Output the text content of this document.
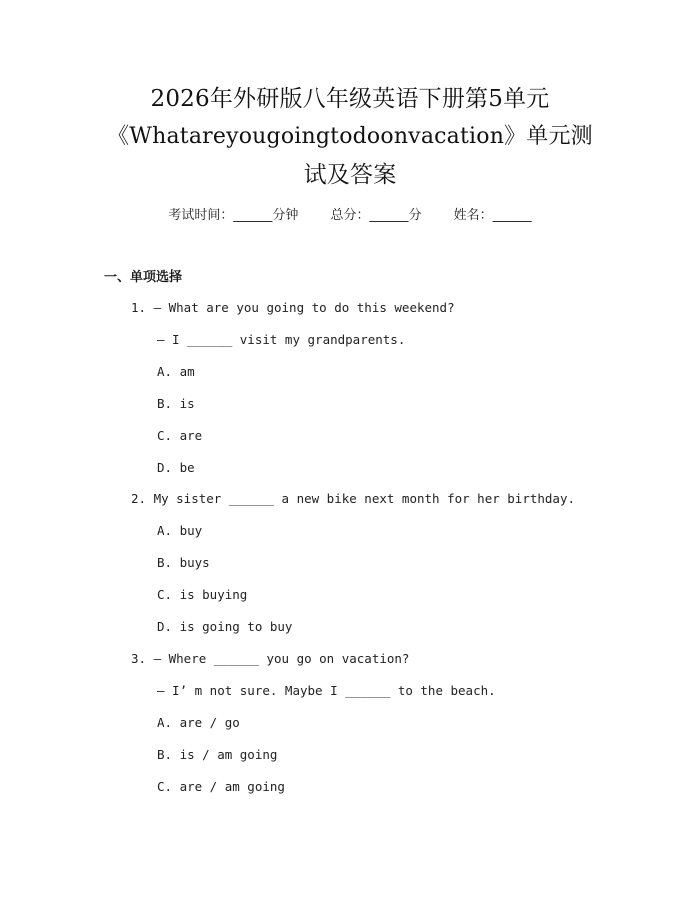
2026年外研版八年级英语下册第5单元
《Whatareyougoingtodoonvacation》单元测
试及答案
考试时间：______分钟 总分：______分 姓名：______
一、单项选择
1. — What are you going to do this weekend?
— I ______ visit my grandparents.
A. am
B. is
C. are
D. be
2. My sister ______ a new bike next month for her birthday.
A. buy
B. buys
C. is buying
D. is going to buy
3. — Where ______ you go on vacation?
— I’ m not sure. Maybe I ______ to the beach.
A. are / go
B. is / am going
C. are / am going
